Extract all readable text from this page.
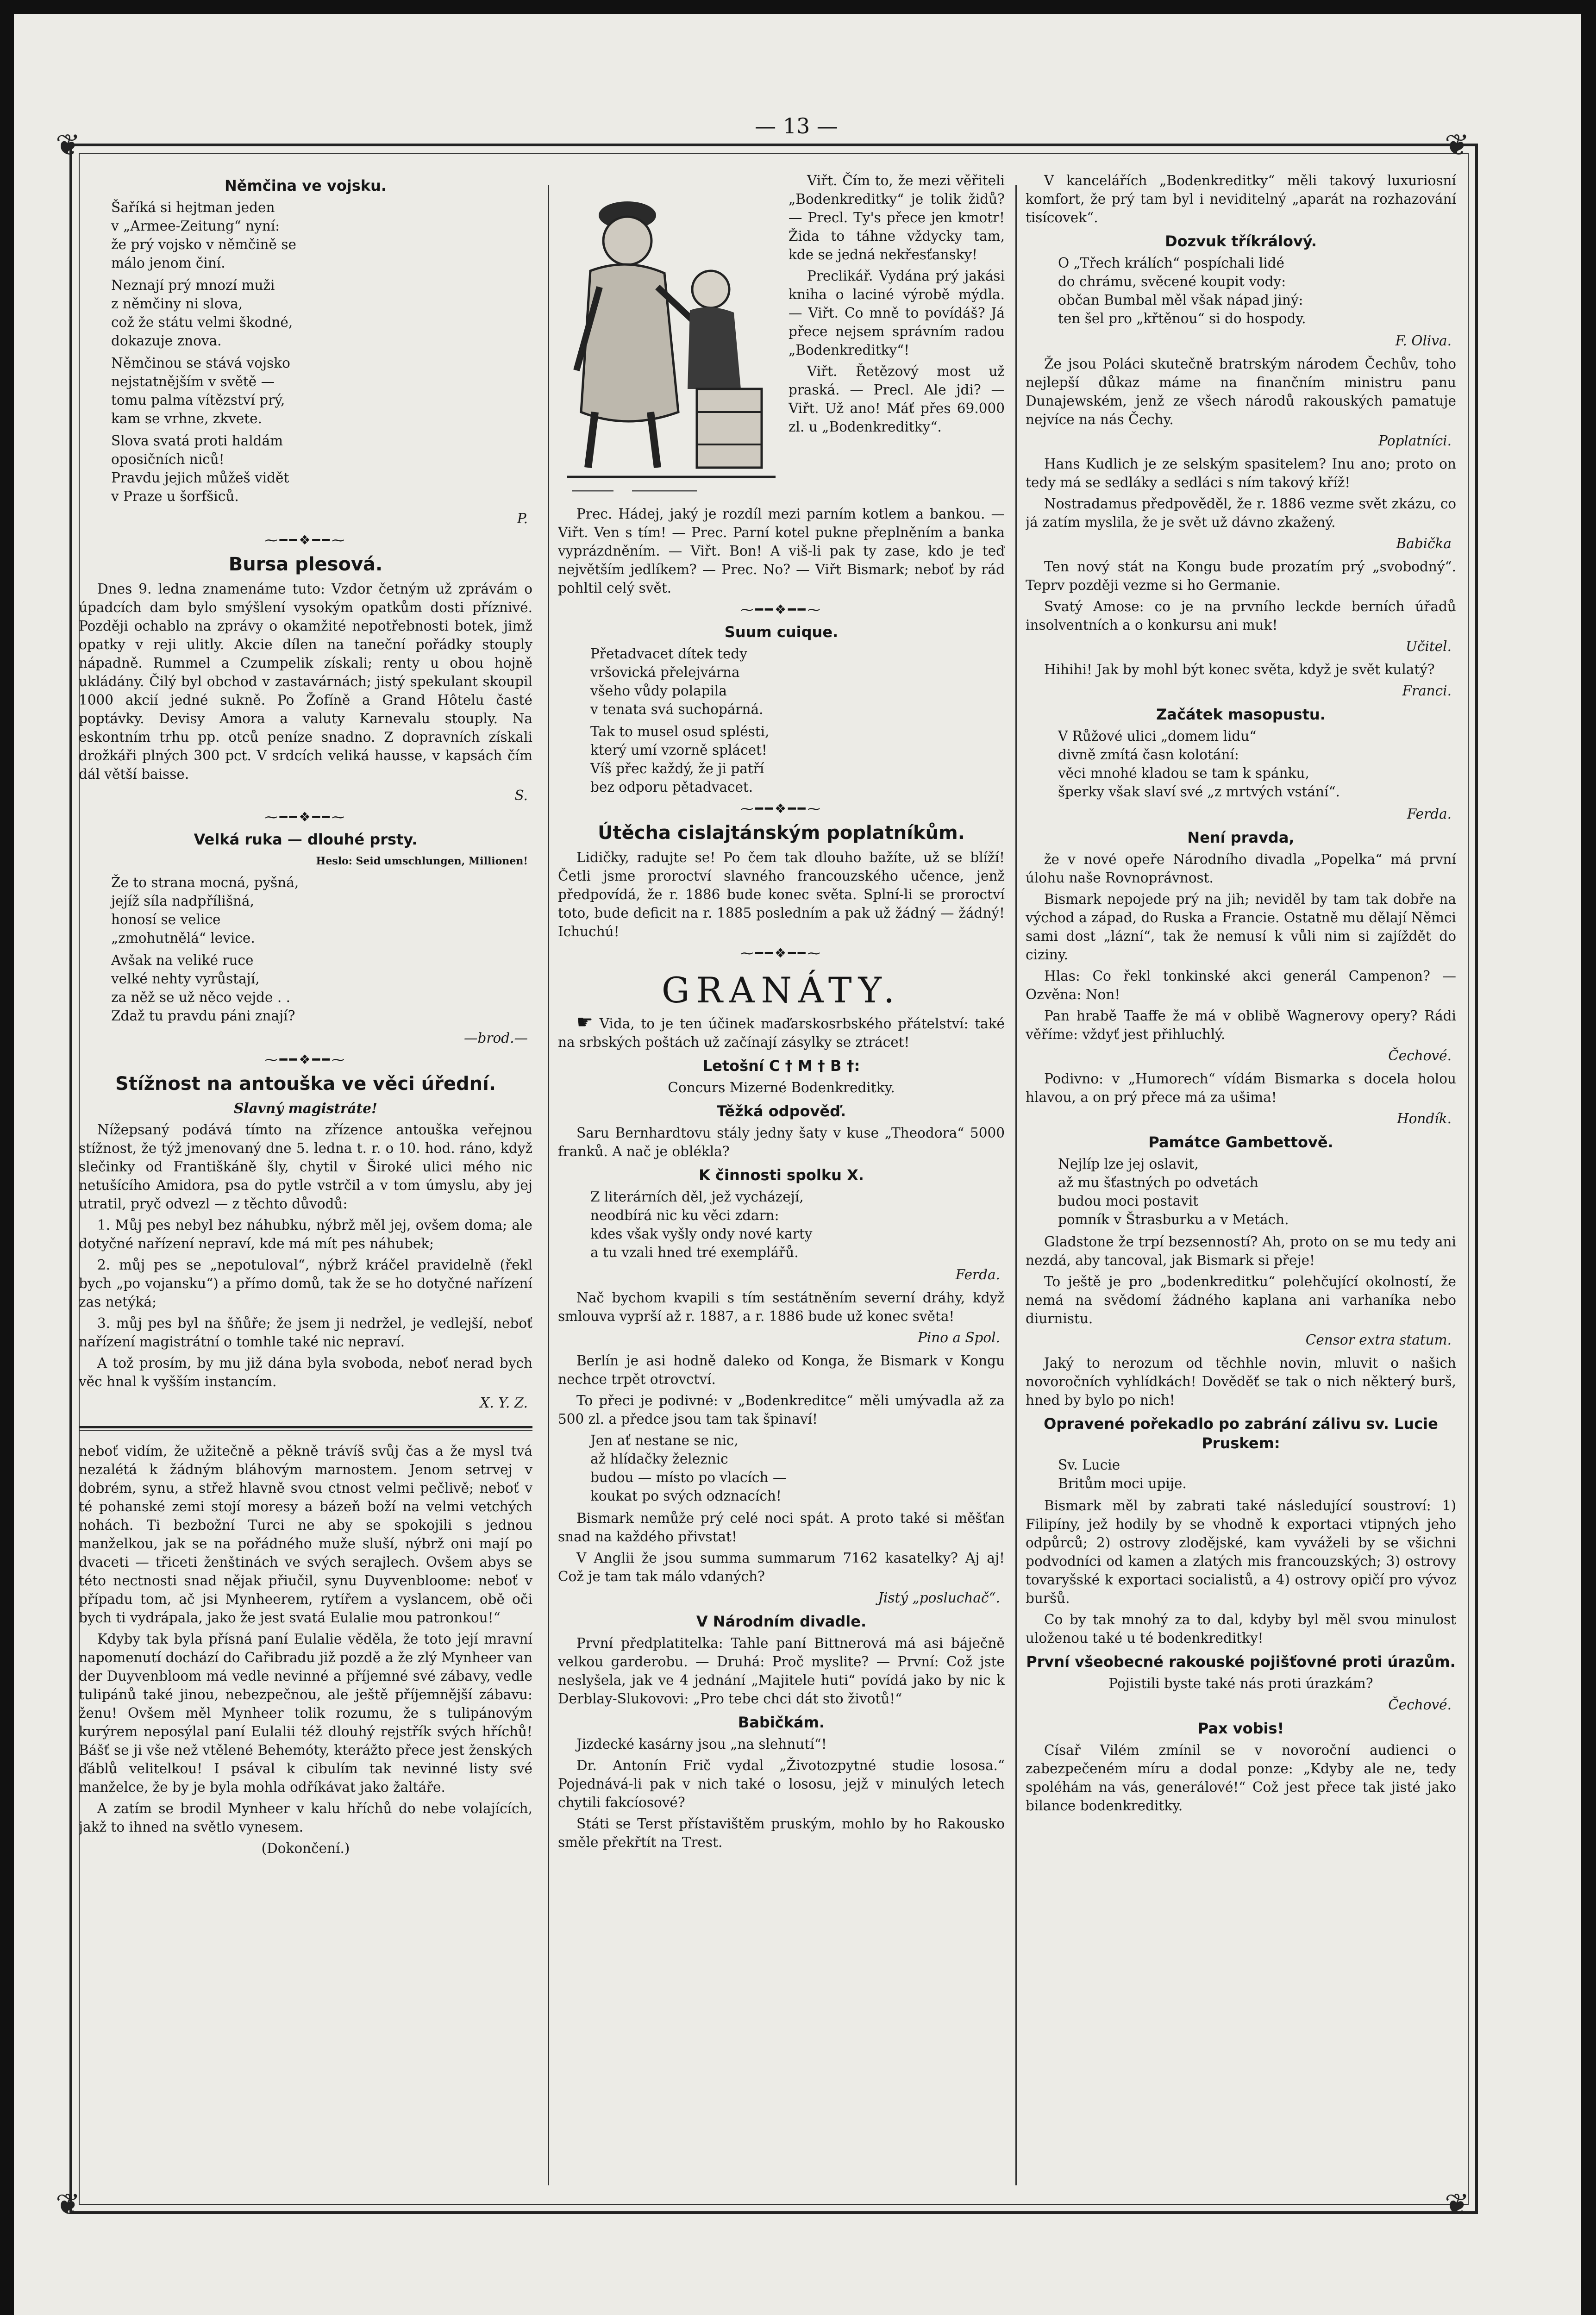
— 13 —
❦	❦
❦	❦
Němčina ve vojsku.

Šaříká si hejtman jeden
v „Armee-Zeitung“ nyní:
že prý vojsko v němčině se
málo jenom činí.

Neznají prý mnozí muži
z němčiny ni slova,
což že státu velmi škodné,
dokazuje znova.

Němčinou se stává vojsko
nejstatnějším v světě —
tomu palma vítězství prý,
kam se vrhne, zkvete.

Slova svatá proti haldám
oposičních niců!
Pravdu jejich můžeš vidět
v Praze u šorfšiců.

P.

⁓━━❖━━⁓
Bursa plesová.

Dnes 9. ledna znamenáme tuto: Vzdor četným už zprávám o úpadcích dam bylo smýšlení vysokým opatkům dosti příznivé. Později ochablo na zprávy o okamžité nepotřebnosti botek, jimž opatky v reji ulitly. Akcie dílen na taneční pořádky stouply nápadně. Rummel a Czumpelik získali; renty u obou hojně ukládány. Čilý byl obchod v zastavárnách; jistý spekulant skoupil 1000 akcií jedné sukně. Po Žofíně a Grand Hôtelu časté poptávky. Devisy Amora a valuty Karnevalu stouply. Na eskontním trhu pp. otců peníze snadno. Z dopravních získali drožkáři plných 300 pct. V srdcích veliká hausse, v kapsách čím dál větší baisse.

S.

⁓━━❖━━⁓
Velká ruka — dlouhé prsty.

Heslo: Seid umschlungen, Millionen!

Že to strana mocná, pyšná,
jejíž síla nadpřílišná,
honosí se velice
„zmohutnělá“ levice.

Avšak na veliké ruce
velké nehty vyrůstají,
za něž se už něco vejde . .
Zdaž tu pravdu páni znají?

—brod.—

⁓━━❖━━⁓
Stížnost na antouška ve věci úřední.

Slavný magistráte!

Nížepsaný podává tímto na zřízence antouška veřejnou stížnost, že týž jmenovaný dne 5. ledna t. r. o 10. hod. ráno, když slečinky od Františkáně šly, chytil v Široké ulici mého nic netušícího Amidora, psa do pytle vstrčil a v tom úmyslu, aby jej utratil, pryč odvezl — z těchto důvodů:

1. Můj pes nebyl bez náhubku, nýbrž měl jej, ovšem doma; ale dotyčné nařízení nepraví, kde má mít pes náhubek;

2. můj pes se „nepotuloval“, nýbrž kráčel pravidelně (řekl bych „po vojansku“) a přímo domů, tak že se ho dotyčné nařízení zas netýká;

3. můj pes byl na šňůře; že jsem ji nedržel, je vedlejší, neboť nařízení magistrátní o tomhle také nic nepraví.

A tož prosím, by mu již dána byla svoboda, neboť nerad bych věc hnal k vyšším instancím.

X. Y. Z.

neboť vidím, že užitečně a pěkně trávíš svůj čas a že mysl tvá nezalétá k žádným bláhovým marnostem. Jenom setrvej v dobrém, synu, a střež hlavně svou ctnost velmi pečlivě; neboť v té pohanské zemi stojí moresy a bázeň boží na velmi vetchých nohách. Ti bezbožní Turci ne aby se spokojili s jednou manželkou, jak se na pořádného muže sluší, nýbrž oni mají po dvaceti — třiceti ženštinách ve svých serajlech. Ovšem abys se této nectnosti snad nějak přiučil, synu Duyvenbloome: neboť v případu tom, ač jsi Mynheerem, rytířem a vyslancem, obě oči bych ti vydrápala, jako že jest svatá Eulalie mou patronkou!“

Kdyby tak byla přísná paní Eulalie věděla, že toto její mravní napomenutí dochází do Cařibradu již pozdě a že zlý Mynheer van der Duyvenbloom má vedle nevinné a příjemné své zábavy, vedle tulipánů také jinou, nebezpečnou, ale ještě příjemnější zábavu: ženu! Ovšem měl Mynheer tolik rozumu, že s tulipánovým kurýrem neposýlal paní Eulalii též dlouhý rejstřík svých hříchů! Bášť se ji vše než vtělené Behemóty, kterážto přece jest ženských ďáblů velitelkou! I psával k cibulím tak nevinné listy své manželce, že by je byla mohla odříkávat jako žaltáře.

A zatím se brodil Mynheer v kalu hříchů do nebe volajících, jakž to ihned na světlo vynesem.

(Dokončení.)

Viřt. Čím to, že mezi věřiteli „Bodenkreditky“ je tolik židů? — Precl. Ty's přece jen kmotr! Žida to táhne vždycky tam, kde se jedná nekřesťansky!

Preclikář. Vydána prý jakási kniha o laciné výrobě mýdla. — Viřt. Co mně to povídáš? Já přece nejsem správním radou „Bodenkreditky“!

Viřt. Řetězový most už praská. — Precl. Ale jdi? — Viřt. Už ano! Máť přes 69.000 zl. u „Bodenkreditky“.

Prec. Hádej, jaký je rozdíl mezi parním kotlem a bankou. — Viřt. Ven s tím! — Prec. Parní kotel pukne přeplněním a banka vyprázdněním. — Viřt. Bon! A viš-li pak ty zase, kdo je teď největším jedlíkem? — Prec. No? — Viřt Bismark; neboť by rád pohltil celý svět.

⁓━━❖━━⁓
Suum cuique.

Přetadvacet dítek tedy
vršovická přelejvárna
všeho vůdy polapila
v tenata svá suchopárná.

Tak to musel osud splésti,
který umí vzorně splácet!
Víš přec každý, že ji patří
bez odporu pětadvacet.

⁓━━❖━━⁓
Útěcha cislajtánským poplatníkům.

Lidičky, radujte se! Po čem tak dlouho bažíte, už se blíží! Četli jsme proroctví slavného francouzského učence, jenž předpovídá, že r. 1886 bude konec světa. Splní-li se proroctví toto, bude deficit na r. 1885 posledním a pak už žádný — žádný! Ichuchú!

⁓━━❖━━⁓
GRANÁTY.

☛ Vida, to je ten účinek maďarskosrbského přátelství: také na srbských poštách už začínají zásylky se ztrácet!

Letošní C † M † B †:

Concurs Mizerné Bodenkreditky.

Těžká odpověď.

Saru Bernhardtovu stály jedny šaty v kuse „Theodora“ 5000 franků. A nač je oblékla?

K činnosti spolku X.

Z literárních děl, jež vycházejí,
neodbírá nic ku věci zdarn:
kdes však vyšly ondy nové karty
a tu vzali hned tré exemplářů.

Ferda.

Nač bychom kvapili s tím sestátněním severní dráhy, když smlouva vyprší až r. 1887, a r. 1886 bude už konec světa!

Pino a Spol.

Berlín je asi hodně daleko od Konga, že Bismark v Kongu nechce trpět otrovctví.

To přeci je podivné: v „Bodenkreditce“ měli umývadla až za 500 zl. a předce jsou tam tak špinaví!

Jen ať nestane se nic,
až hlídačky železnic
budou — místo po vlacích —
koukat po svých odznacích!

Bismark nemůže prý celé noci spát. A proto také si měšťan snad na každého přivstat!

V Anglii že jsou summa summarum 7162 kasatelky? Aj aj! Což je tam tak málo vdaných?

Jistý „posluchač“.

V Národním divadle.

První předplatitelka: Tahle paní Bittnerová má asi báječně velkou garderobu. — Druhá: Proč myslite? — První: Což jste neslyšela, jak ve 4 jednání „Majitele huti“ povídá jako by nic k Derblay-Slukovovi: „Pro tebe chci dát sto životů!“

Babičkám.

Jizdecké kasárny jsou „na slehnutí“!

Dr. Antonín Frič vydal „Životozpytné studie lososa.“ Pojednává-li pak v nich také o lososu, jejž v minulých letech chytili fakcíosové?

Státi se Terst přístavištěm pruským, mohlo by ho Rakousko směle překřtít na Trest.

V kancelářích „Bodenkreditky“ měli takový luxuriosní komfort, že prý tam byl i neviditelný „aparát na rozhazování tisícovek“.

Dozvuk tříkrálový.

O „Třech králích“ pospíchali lidé
do chrámu, svěcené koupit vody:
občan Bumbal měl však nápad jiný:
ten šel pro „křtěnou“ si do hospody.

F. Oliva.

Že jsou Poláci skutečně bratrským národem Čechův, toho nejlepší důkaz máme na finančním ministru panu Dunajewském, jenž ze všech národů rakouských pamatuje nejvíce na nás Čechy.

Poplatníci.

Hans Kudlich je ze selským spasitelem? Inu ano; proto on tedy má se sedláky a sedláci s ním takový kříž!

Nostradamus předpověděl, že r. 1886 vezme svět zkázu, co já zatím myslila, že je svět už dávno zkažený.

Babička

Ten nový stát na Kongu bude prozatím prý „svobodný“. Teprv později vezme si ho Germanie.

Svatý Amose: co je na prvního leckde berních úřadů insolventních a o konkursu ani muk!

Učitel.

Hihihi! Jak by mohl být konec světa, když je svět kulatý?

Franci.

Začátek masopustu.

V Růžové ulici „domem lidu“
divně zmítá časn kolotání:
věci mnohé kladou se tam k spánku,
šperky však slaví své „z mrtvých vstání“.

Ferda.

Není pravda,

že v nové opeře Národního divadla „Popelka“ má první úlohu naše Rovnoprávnost.

Bismark nepojede prý na jih; neviděl by tam tak dobře na východ a západ, do Ruska a Francie. Ostatně mu dělají Němci sami dost „lázní“, tak že nemusí k vůli nim si zajíždět do ciziny.

Hlas: Co řekl tonkinské akci generál Campenon? — Ozvěna: Non!

Pan hrabě Taaffe že má v oblibě Wagnerovy opery? Rádi věříme: vždyť jest přihluchlý.

Čechové.

Podivno: v „Humorech“ vídám Bismarka s docela holou hlavou, a on prý přece má za ušima!

Hondík.

Památce Gambettově.

Nejlíp lze jej oslavit,
až mu šťastných po odvetách
budou moci postavit
pomník v Štrasburku a v Metách.

Gladstone že trpí bezsenností? Ah, proto on se mu tedy ani nezdá, aby tancoval, jak Bismark si přeje!

To ještě je pro „bodenkreditku“ polehčující okolností, že nemá na svědomí žádného kaplana ani varhaníka nebo diurnistu.

Censor extra statum.

Jaký to nerozum od těchhle novin, mluvit o našich novoročních vyhlídkách! Dověděť se tak o nich některý burš, hned by bylo po nich!

Opravené pořekadlo po zabrání zálivu sv. Lucie Pruskem:

Sv. Lucie
Britům moci upije.

Bismark měl by zabrati také následující soustroví: 1) Filipíny, jež hodily by se vhodně k exportaci vtipných jeho odpůrců; 2) ostrovy zlodějské, kam vyváželi by se všichni podvodníci od kamen a zlatých mis francouzských; 3) ostrovy tovaryšské k exportaci socialistů, a 4) ostrovy opičí pro vývoz buršů.

Co by tak mnohý za to dal, kdyby byl měl svou minulost uloženou také u té bodenkreditky!

První všeobecné rakouské pojišťovné proti úrazům.

Pojistili byste také nás proti úrazkám?

Čechové.

Pax vobis!

Císař Vilém zmínil se v novoroční audienci o zabezpečeném míru a dodal ponze: „Kdyby ale ne, tedy spoléhám na vás, generálové!“ Což jest přece tak jisté jako bilance bodenkreditky.
